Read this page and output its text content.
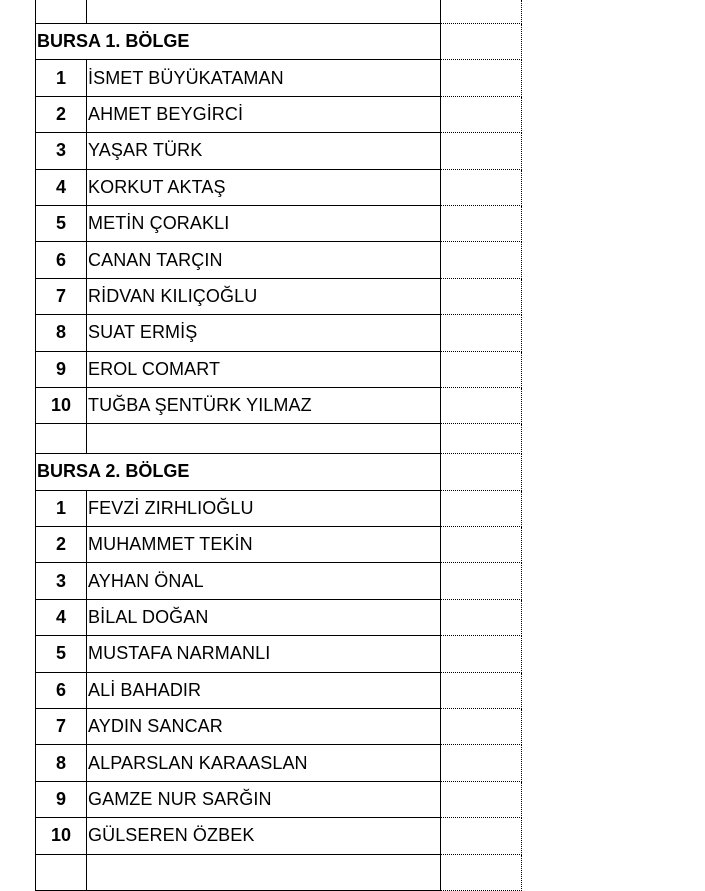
BURSA 1. BÖLGE
1	İSMET BÜYÜKATAMAN
2	AHMET BEYGİRCİ
3	YAŞAR TÜRK
4	KORKUT AKTAŞ
5	METİN ÇORAKLI
6	CANAN TARÇIN
7	RİDVAN KILIÇOĞLU
8	SUAT ERMİŞ
9	EROL COMART
10 TUĞBA ŞENTÜRK YILMAZ
BURSA 2. BÖLGE
1	FEVZİ ZIRHLIOĞLU
2	MUHAMMET TEKİN
3	AYHAN ÖNAL
4	BİLAL DOĞAN
5	MUSTAFA NARMANLI
6	ALİ BAHADIR
7	AYDIN SANCAR
8	ALPARSLAN KARAASLAN
9	GAMZE NUR SARĞIN
10 GÜLSEREN ÖZBEK
